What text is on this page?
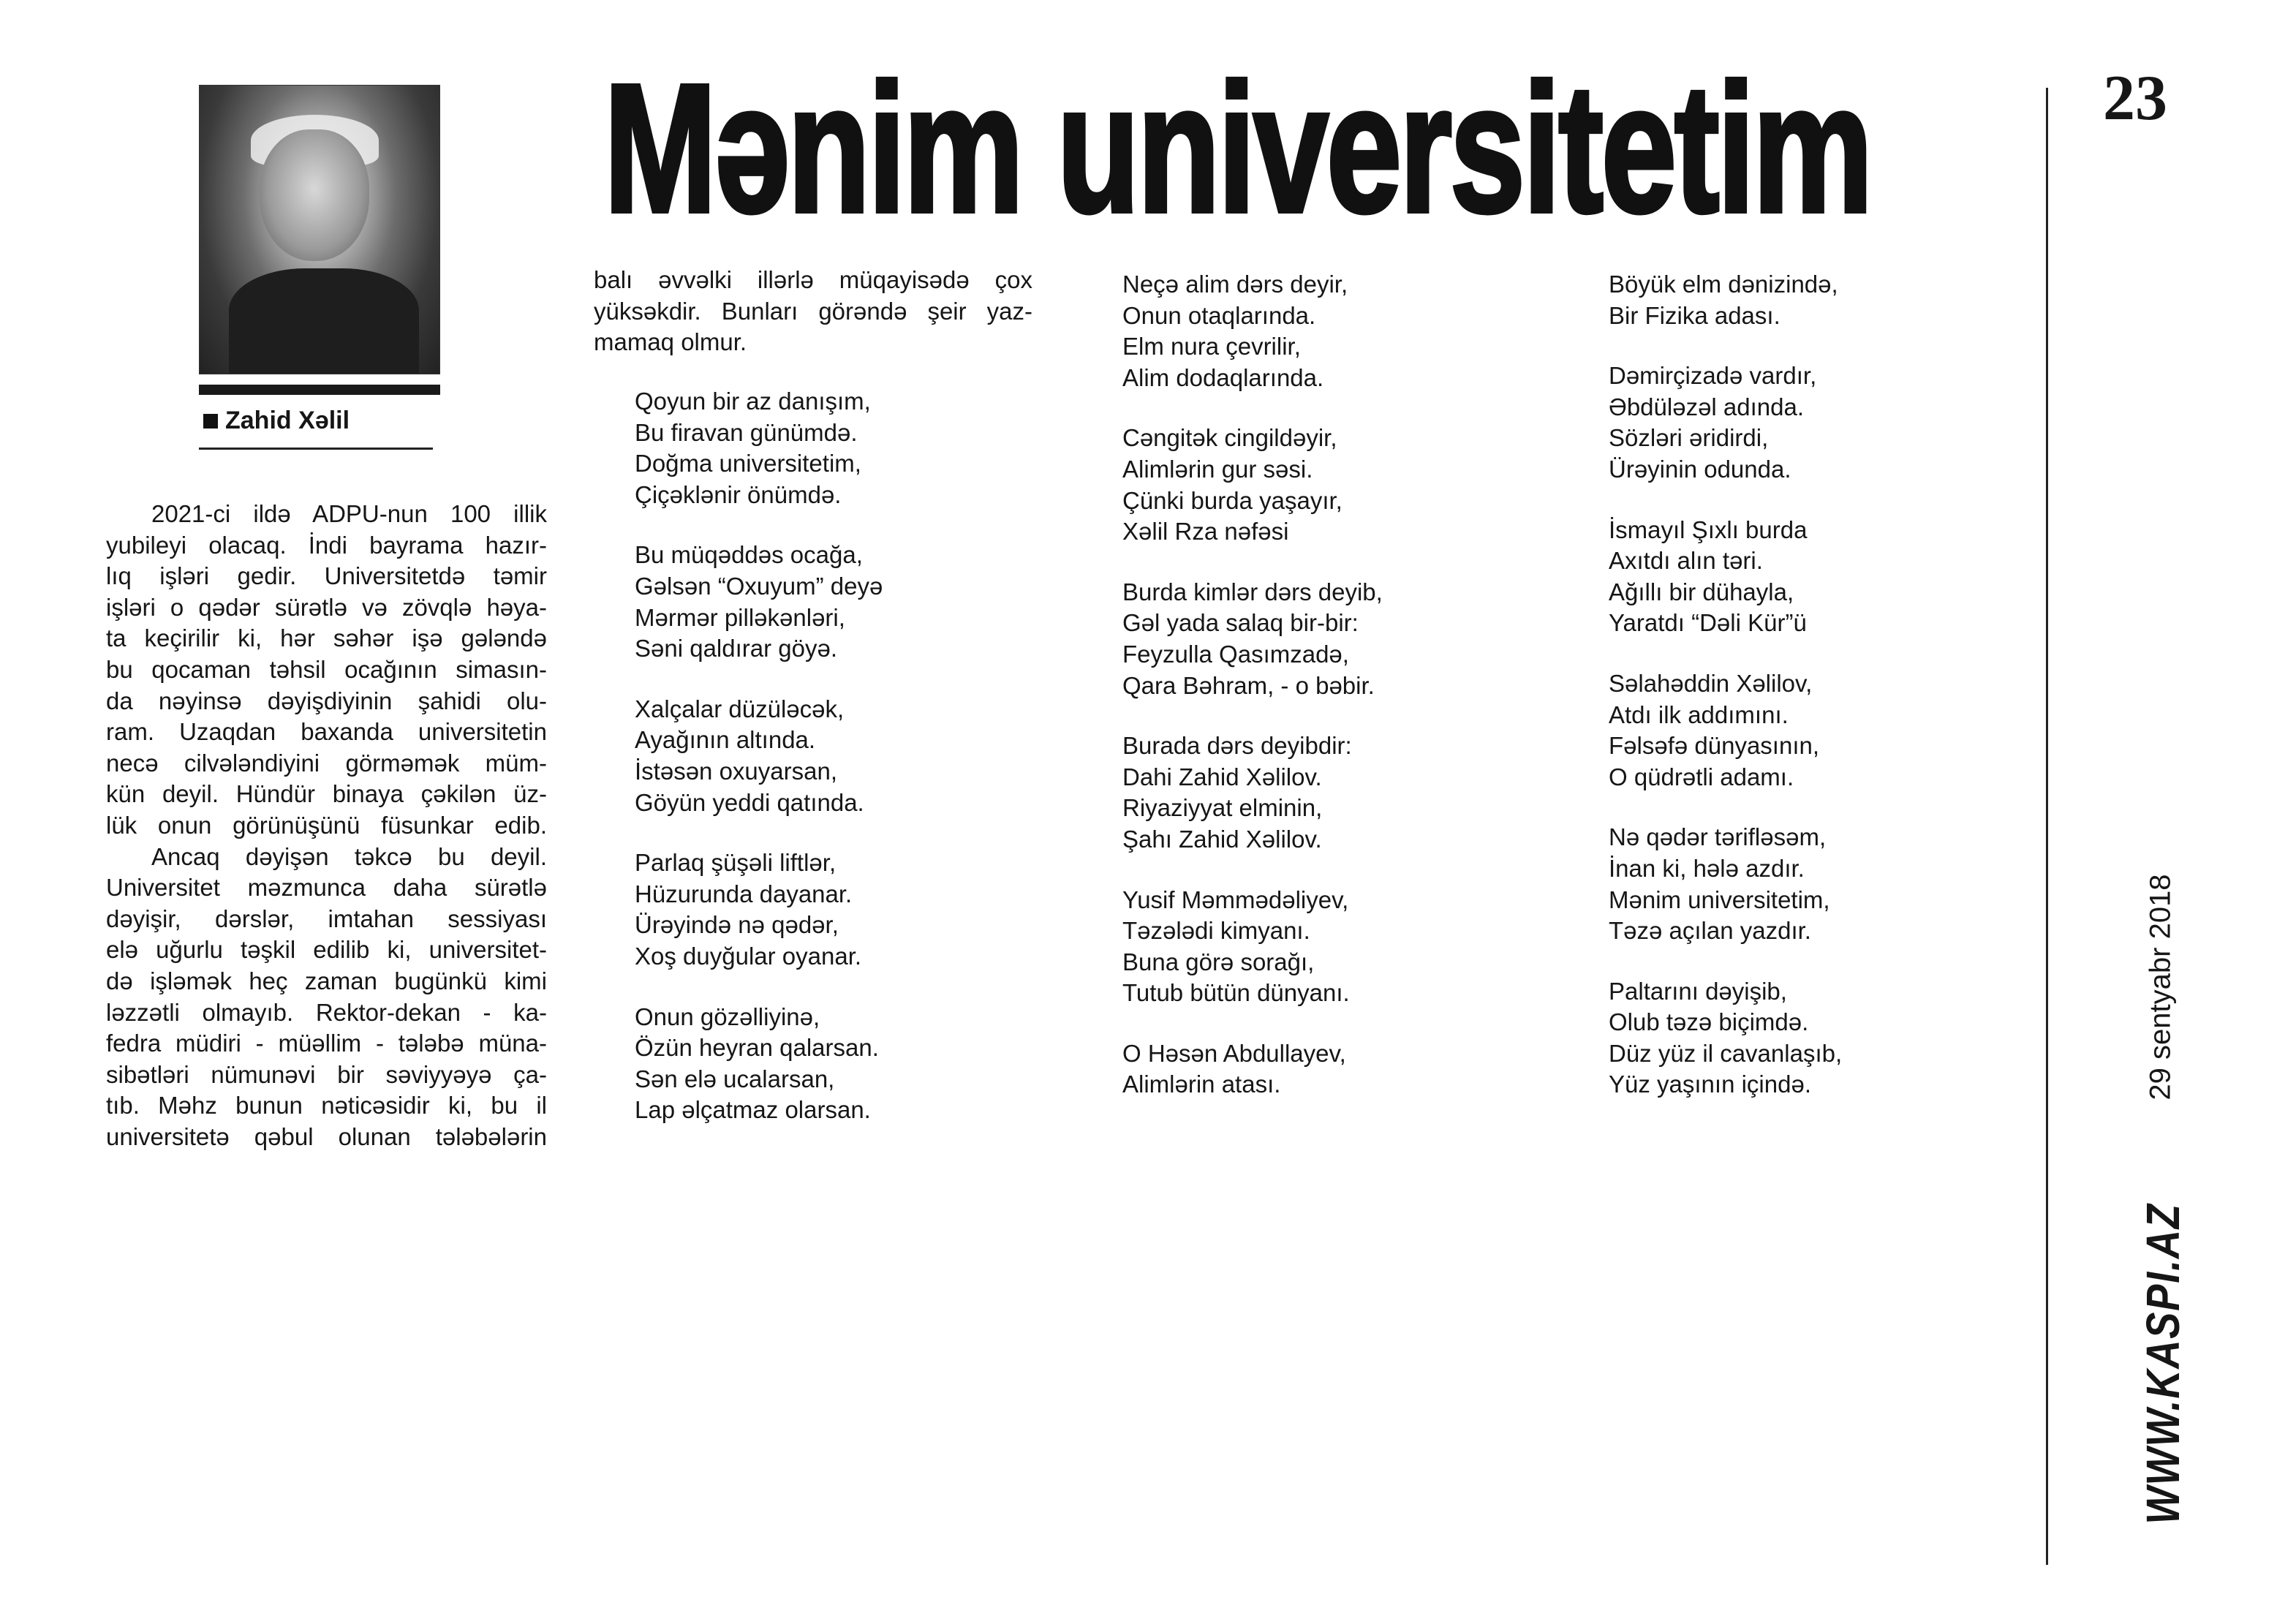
Zahid Xəlil
Mənim universitetim
2021-ci ildə ADPU-nun 100 illik
yubileyi olacaq. İndi bayrama hazır-
lıq işləri gedir. Universitetdə təmir
işləri o qədər sürətlə və zövqlə həya-
ta keçirilir ki, hər səhər işə gələndə
bu qocaman təhsil ocağının simasın-
da nəyinsə dəyişdiyinin şahidi olu-
ram. Uzaqdan baxanda universitetin
necə cilvələndiyini görməmək müm-
kün deyil. Hündür binaya çəkilən üz-
lük onun görünüşünü füsunkar edib.
Ancaq dəyişən təkcə bu deyil.
Universitet məzmunca daha sürətlə
dəyişir, dərslər, imtahan sessiyası
elə uğurlu təşkil edilib ki, universitet-
də işləmək heç zaman bugünkü kimi
ləzzətli olmayıb. Rektor-dekan - ka-
fedra müdiri - müəllim - tələbə müna-
sibətləri nümunəvi bir səviyyəyə ça-
tıb. Məhz bunun nəticəsidir ki, bu il
universitetə qəbul olunan tələbələrin
balı əvvəlki illərlə müqayisədə çox
yüksəkdir. Bunları görəndə şeir yaz-
mamaq olmur.
Qoyun bir az danışım,
Bu firavan günümdə.
Doğma universitetim,
Çiçəklənir önümdə.
Bu müqəddəs ocağa,
Gəlsən “Oxuyum” deyə
Mərmər pilləkənləri,
Səni qaldırar göyə.
Xalçalar düzüləcək,
Ayağının altında.
İstəsən oxuyarsan,
Göyün yeddi qatında.
Parlaq şüşəli liftlər,
Hüzurunda dayanar.
Ürəyində nə qədər,
Xoş duyğular oyanar.
Onun gözəlliyinə,
Özün heyran qalarsan.
Sən elə ucalarsan,
Lap əlçatmaz olarsan.
Neçə alim dərs deyir,
Onun otaqlarında.
Elm nura çevrilir,
Alim dodaqlarında.
Cəngitək cingildəyir,
Alimlərin gur səsi.
Çünki burda yaşayır,
Xəlil Rza nəfəsi
Burda kimlər dərs deyib,
Gəl yada salaq bir-bir:
Feyzulla Qasımzadə,
Qara Bəhram, - o bəbir.
Burada dərs deyibdir:
Dahi Zahid Xəlilov.
Riyaziyyat elminin,
Şahı Zahid Xəlilov.
Yusif Məmmədəliyev,
Təzələdi kimyanı.
Buna görə sorağı,
Tutub bütün dünyanı.
O Həsən Abdullayev,
Alimlərin atası.
Böyük elm dənizində,
Bir Fizika adası.
Dəmirçizadə vardır,
Əbdüləzəl adında.
Sözləri əridirdi,
Ürəyinin odunda.
İsmayıl Şıxlı burda
Axıtdı alın təri.
Ağıllı bir dühayla,
Yaratdı “Dəli Kür”ü
Səlahəddin Xəlilov,
Atdı ilk addımını.
Fəlsəfə dünyasının,
O qüdrətli adamı.
Nə qədər tərifləsəm,
İnan ki, hələ azdır.
Mənim universitetim,
Təzə açılan yazdır.
Paltarını dəyişib,
Olub təzə biçimdə.
Düz yüz il cavanlaşıb,
Yüz yaşının içində.
23
29 sentyabr 2018
WWW.KASPI.AZ
